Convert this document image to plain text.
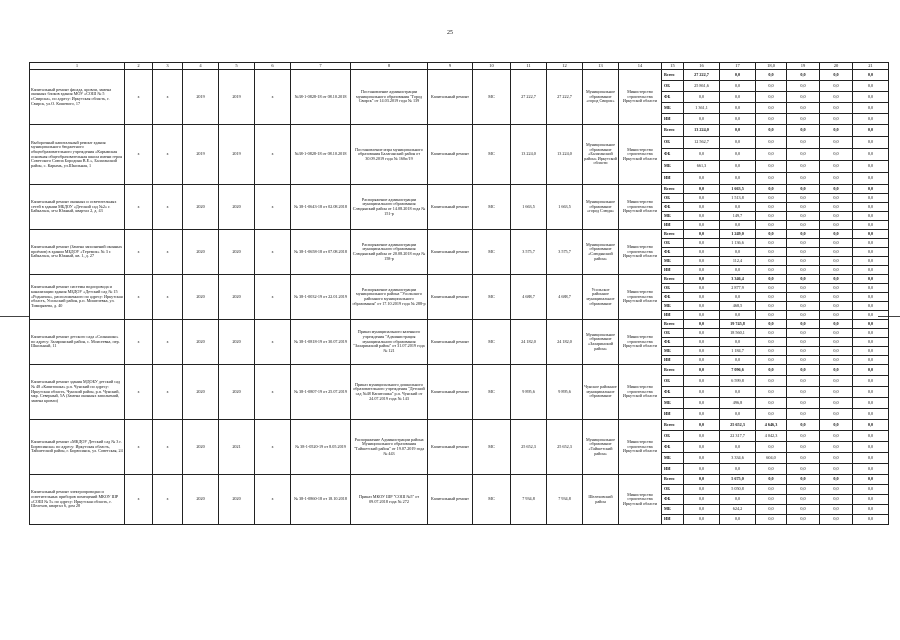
25
1	2	3	4	5	6	7	8	9	10	11	12	13	14	15	16	17	18,0	19	20	21
Капитальный ремонт фасада, кровли, замена оконных блоков здания МОУ «СОШ № 5 г.Свирска», по адресу: Иркутская область, г. Свирск, ул.О. Кошевого, 17	х	х	2019	2019	х	№38-1-0828-18 от 08.10.2018	Постановление администрации муниципального образования "Город Свирск" от 14.03.2019 года № 139	Капитальный ремонт	МС	27 222,7	27 222,7	Муниципальное образование «город Свирск»	Министерство строительства Иркутской области	Всего	27 222,7	0,0	0,0	0,0	0,0	0,0
														ОБ	25 861,6	0,0	0,0	0,0	0,0	0,0
														ФБ	0,0	0,0	0,0	0,0	0,0	0,0
														МБ	1 361,1	0,0	0,0	0,0	0,0	0,0
														ИИ	0,0	0,0	0,0	0,0	0,0	0,0
Выборочный капитальный ремонт здания муниципального бюджетного общеобразовательного учреждения «Карымская основная общеобразовательная школа имени героя Советского Союза Бородина В.Е.», Балаганский район, с. Карымь, ул.Школьная, 1	х	х	2019	2019	х	№38-1-0828-18 от 08.10.2018	Постановление мэра муниципального образования Балаганский район от 30.09.2019 года № 160п/19	Капитальный ремонт	МС	13 224,0	13 224,0	Муниципальное образование «Балаганский район» Иркутской области	Министерство строительства Иркутской области	Всего	13 224,0	0,0	0,0	0,0	0,0	0,0
														ОБ	12 562,7	0,0	0,0	0,0	0,0	0,0
														ФБ	0,0	0,0	0,0	0,0	0,0	0,0
														МБ	661,3	0,0	0,0	0,0	0,0	0,0
														ИИ	0,0	0,0	0,0	0,0	0,0	0,0
Капитальный ремонт оконных и осветительных сетей в здании МБДОУ «Детский сад №2» г. Байкальск, м-н Южный, квартал 2, д. 43	х	х	2020	2020	х	№ 38-1-0643-18 от 02.08.2018	Распоряжение администрации муниципального образования Слюдянский район от 14.08.2018 года № 151-р	Капитальный ремонт	МС	1 663,5	1 663,5	Муниципальное образование «город Слюдя»	Министерство строительства Иркутской области	Всего	0,0	1 663,5	0,0	0,0	0,0	0,0
														ОБ	0,0	1 513,8	0,0	0,0	0,0	0,0
														ФБ	0,0	0,0	0,0	0,0	0,0	0,0
														МБ	0,0	149,7	0,0	0,0	0,0	0,0
														ИИ	0,0	0,0	0,0	0,0	0,0	0,0
Капитальный ремонт (Замена заполнений оконных проёмов) в здании МБДОУ «Теремок» № 3 г. Байкальск, м-н Южный, кв. 1, д. 27	х	х	2020	2020	х	№ 38-1-0658-18 от 07.08.2018	Распоряжение администрации муниципального образования Слюдянский район от 20.08.2018 года № 158-р	Капитальный ремонт	МС	3 575,7	3 575,7	Муниципальное образование «Слюдянский район»	Министерство строительства Иркутской области	Всего	0,0	1 249,0	0,0	0,0	0,0	0,0
														ОБ	0,0	1 136,6	0,0	0,0	0,0	0,0
														ФБ	0,0	0,0	0,0	0,0	0,0	0,0
														МБ	0,0	112,4	0,0	0,0	0,0	0,0
														ИИ	0,0	0,0	0,0	0,0	0,0	0,0
Капитальный ремонт системы водопровода и канализации здания МБДОУ «Детский сад № 15 «Родничок», расположенного по адресу: Иркутская область, Усольский район, р.п. Мишелевка, ул. Тимирязева, д. 40	х	х	2020	2020	х	№ 38-1-0032-19 от 22.01.2019	Распоряжение администрации муниципального района "Усольского районного муниципального образования" от 17.10.2019 года № 288-р	Капитальный ремонт	МС	4 688,7	4 688,7	Усольское районное муниципальное образование	Министерство строительства Иркутской области	Всего	0,0	3 346,4	0,0	0,0	0,0	0,0
														ОБ	0,0	2 877,9	0,0	0,0	0,0	0,0
														ФБ	0,0	0,0	0,0	0,0	0,0	0,0
														МБ	0,0	468,5	0,0	0,0	0,0	0,0
														ИИ	0,0	0,0	0,0	0,0	0,0	0,0
Капитальный ремонт детского сада «Солнышко» по адресу: Заларинский район, с. Моисеевка, пер. Школьный, 11	х	х	2020	2020	х	№ 38-1-0818-19 от 30.07.2019	Приказ муниципального казенного учреждения "Администрация муниципального образования "Заларинский район" от 31.07.2019 года № 121	Капитальный ремонт	МС	24 182,0	24 182,0	Муниципальное образование «Заларинский район»	Министерство строительства Иркутской области	Всего	0,0	19 745,8	0,0	0,0	0,0	0,0
														ОБ	0,0	18 560,1	0,0	0,0	0,0	0,0
														ФБ	0,0	0,0	0,0	0,0	0,0	0,0
														МБ	0,0	1 184,7	0,0	0,0	0,0	0,0
														ИИ	0,0	0,0	0,0	0,0	0,0	0,0
Капитальный ремонт здания МДОБУ детский сад № 48 «Капитошка» р.п. Чунский по адресу: Иркутская область, Чунский район, р.п. Чунский, мкр. Северный, 5А (Замена оконных заполнений, замена кровли)	х	х	2020	2020	х	№ 38-1-0807-19 от 25.07.2019	Приказ муниципального дошкольного образовательного учреждения "Детский сад №48 Капитошка" р.п. Чунский от 24.07.2019 года № 143	Капитальный ремонт	МС	9 895,6	9 895,6	Чунское районное муниципальное образование	Министерство строительства Иркутской области	Всего	0,0	7 096,6	0,0	0,0	0,0	0,0
														ОБ	0,0	6 599,8	0,0	0,0	0,0	0,0
														ФБ	0,0	0,0	0,0	0,0	0,0	0,0
														МБ	0,0	496,8	0,0	0,0	0,0	0,0
														ИИ	0,0	0,0	0,0	0,0	0,0	0,0
Капитальный ремонт «МКДОУ Детский сад № 3 г. Бирюсинска» по адресу: Иркутская область, Тайшетский район, г. Бирюсинск, ул. Советская, 24	х	х	2020	2021	х	№ 38-1-0520-19 от 8.05.2019	Распоряжение Администрации района Муниципального образования "Тайшетский район" от 19.07.2019 года № 443	Капитальный ремонт	МС	25 652,3	25 652,3	Муниципальное образование «Тайшетский район»	Министерство строительства Иркутской области	Всего	0,0	25 652,3	4 646,3	0,0	0,0	0,0
														ОБ	0,0	22 317,7	4 042,3	0,0	0,0	0,0
														ФБ	0,0	0,0	0,0	0,0	0,0	0,0
														МБ	0,0	3 334,6	604,0	0,0	0,0	0,0
														ИИ	0,0	0,0	0,0	0,0	0,0	0,0
Капитальный ремонт электропроводки и осветительных приборов помещений МКОУ ШР «СОШ № 5» по адресу: Иркутская область, г. Шелехов, квартал 6, дом 28	х	х	2020	2020	х	№ 38-1-0860-18 от 18.10.2018	Приказ МКОУ ШР "СОШ №5" от 09.07.2018 года № 272	Капитальный ремонт	МС	7 934,8	7 934,8	Шелеховский район	Министерство строительства Иркутской области	Всего	0,0	5 675,0	0,0	0,0	0,0	0,0
														ОБ	0,0	5 050,8	0,0	0,0	0,0	0,0
														ФБ	0,0	0,0	0,0	0,0	0,0	0,0
														МБ	0,0	624,2	0,0	0,0	0,0	0,0
														ИИ	0,0	0,0	0,0	0,0	0,0	0,0
